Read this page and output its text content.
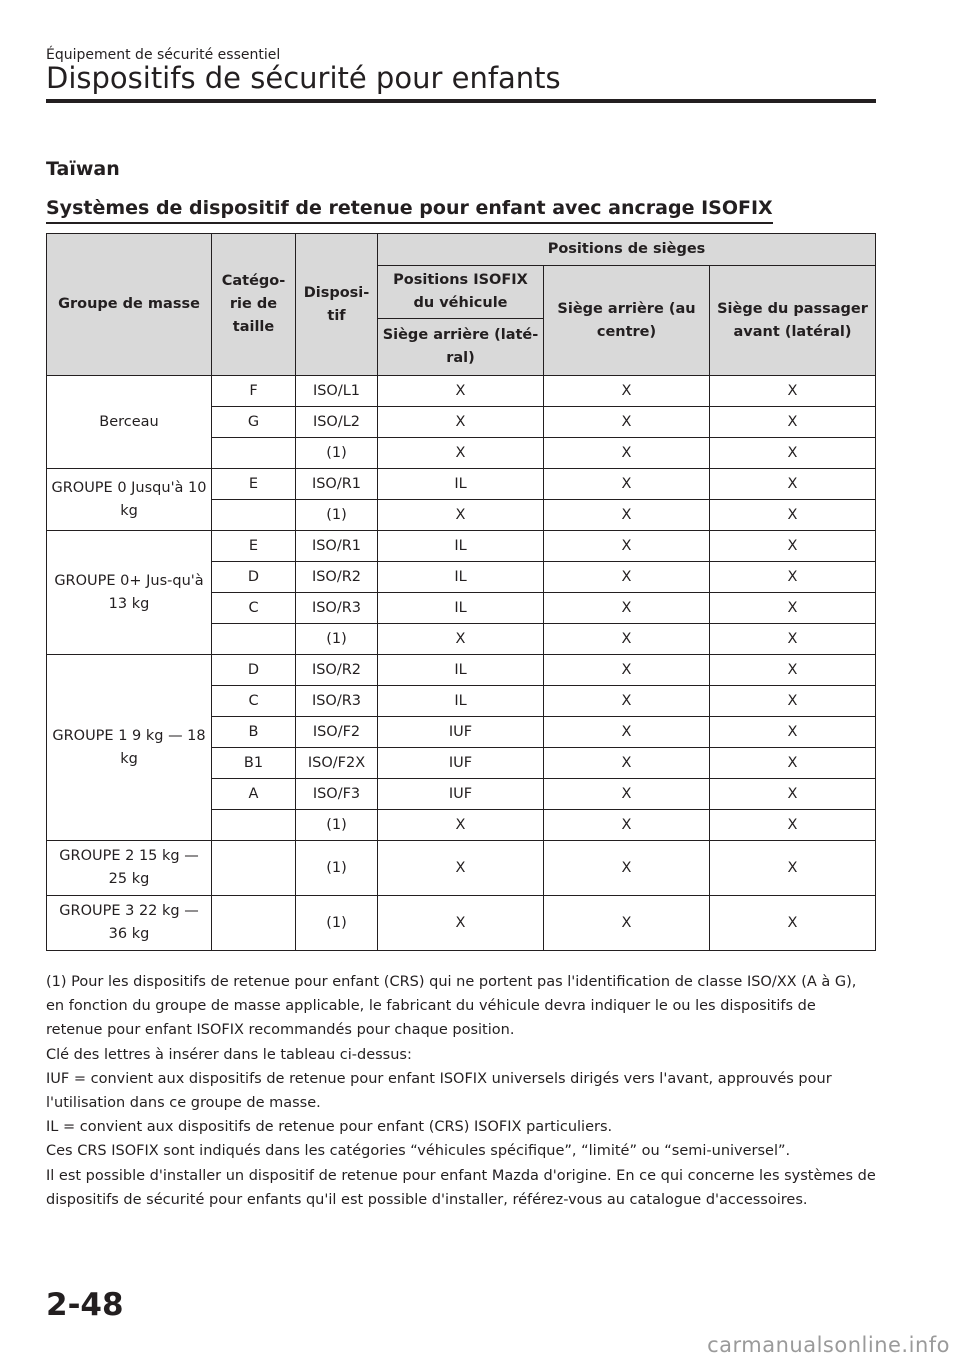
Équipement de sécurité essentiel
Dispositifs de sécurité pour enfants
Taïwan
Systèmes de dispositif de retenue pour enfant avec ancrage ISOFIX
Groupe de masse	Catégo-rie de taille	Disposi-tif	Positions de sièges		
			Positions ISOFIX du véhicule	Siège arrière (au centre)	Siège du passager avant (latéral)
			Siège arrière (laté-ral)		
Berceau	F	ISO/L1	X	X	X
	G	ISO/L2	X	X	X
		(1)	X	X	X
GROUPE 0 Jusqu'à 10 kg	E	ISO/R1	IL	X	X
		(1)	X	X	X
GROUPE 0+ Jus-qu'à 13 kg	E	ISO/R1	IL	X	X
	D	ISO/R2	IL	X	X
	C	ISO/R3	IL	X	X
		(1)	X	X	X
GROUPE 1 9 kg — 18 kg	D	ISO/R2	IL	X	X
	C	ISO/R3	IL	X	X
	B	ISO/F2	IUF	X	X
	B1	ISO/F2X	IUF	X	X
	A	ISO/F3	IUF	X	X
		(1)	X	X	X
GROUPE 2 15 kg — 25 kg		(1)	X	X	X
GROUPE 3 22 kg — 36 kg		(1)	X	X	X

(1) Pour les dispositifs de retenue pour enfant (CRS) qui ne portent pas l'identification de classe ISO/XX (A à G), en fonction du groupe de masse applicable, le fabricant du véhicule devra indiquer le ou les dispositifs de retenue pour enfant ISOFIX recommandés pour chaque position.

Clé des lettres à insérer dans le tableau ci-dessus:

IUF = convient aux dispositifs de retenue pour enfant ISOFIX universels dirigés vers l'avant, approuvés pour l'utilisation dans ce groupe de masse.

IL = convient aux dispositifs de retenue pour enfant (CRS) ISOFIX particuliers.

Ces CRS ISOFIX sont indiqués dans les catégories “véhicules spécifique”, “limité” ou “semi-universel”.

Il est possible d'installer un dispositif de retenue pour enfant Mazda d'origine. En ce qui concerne les systèmes de dispositifs de sécurité pour enfants qu'il est possible d'installer, référez-vous au catalogue d'accessoires.

2-48
carmanualsonline.info
